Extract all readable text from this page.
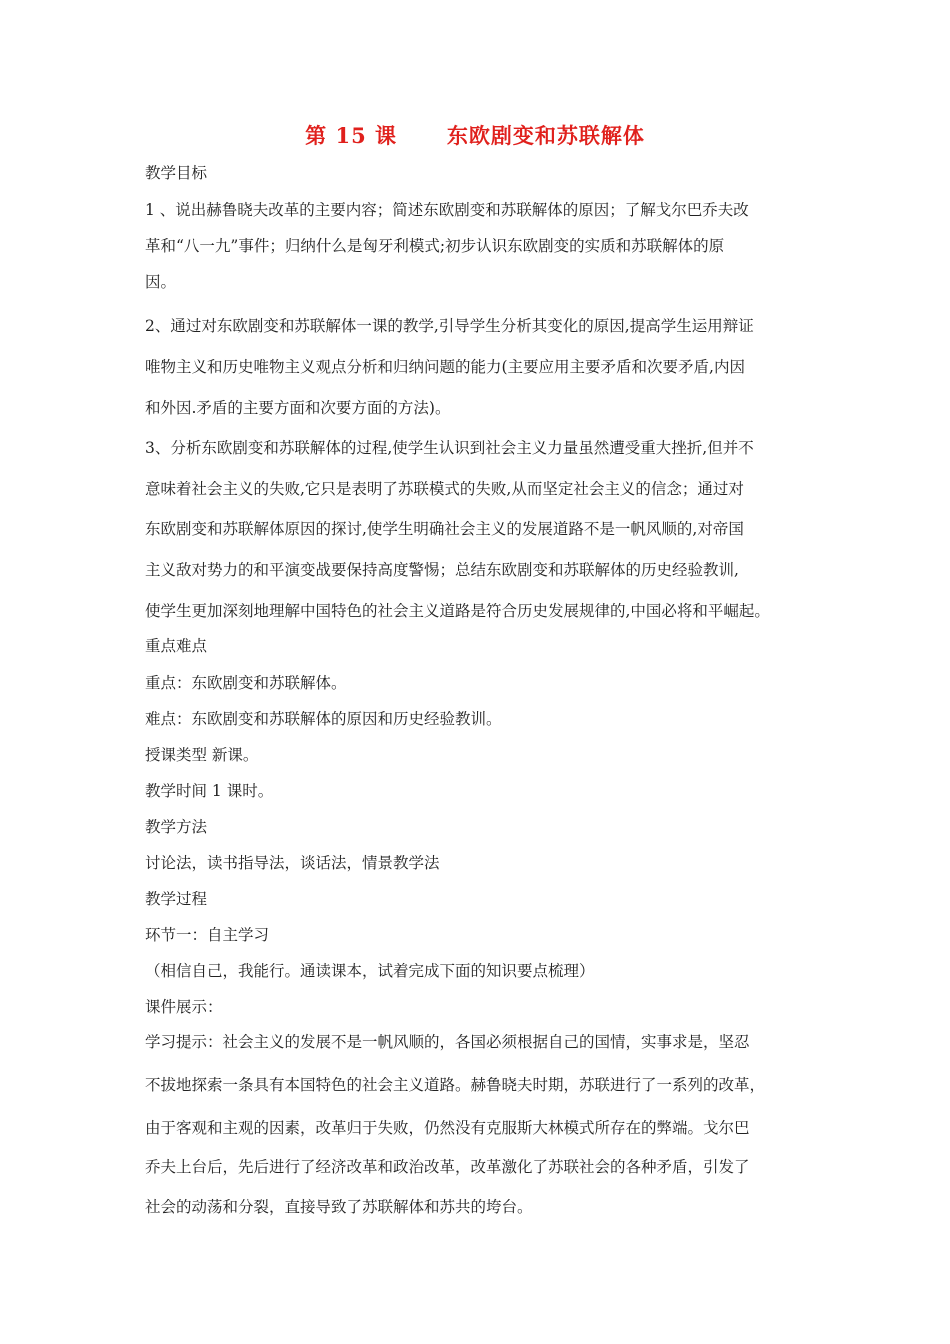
第 15 课      东欧剧变和苏联解体
教学目标
1 、说出赫鲁晓夫改革的主要内容；简述东欧剧变和苏联解体的原因；了解戈尔巴乔夫改
革和“八一九”事件；归纳什么是匈牙利模式;初步认识东欧剧变的实质和苏联解体的原
因。
2、通过对东欧剧变和苏联解体一课的教学,引导学生分析其变化的原因,提高学生运用辩证
唯物主义和历史唯物主义观点分析和归纳问题的能力(主要应用主要矛盾和次要矛盾,内因
和外因.矛盾的主要方面和次要方面的方法)。
3、分析东欧剧变和苏联解体的过程,使学生认识到社会主义力量虽然遭受重大挫折,但并不
意味着社会主义的失败,它只是表明了苏联模式的失败,从而坚定社会主义的信念；通过对
东欧剧变和苏联解体原因的探讨,使学生明确社会主义的发展道路不是一帆风顺的,对帝国
主义敌对势力的和平演变战要保持高度警惕；总结东欧剧变和苏联解体的历史经验教训,
使学生更加深刻地理解中国特色的社会主义道路是符合历史发展规律的,中国必将和平崛起。
重点难点
重点：东欧剧变和苏联解体。
难点：东欧剧变和苏联解体的原因和历史经验教训。
授课类型 新课。
教学时间 1 课时。
教学方法
讨论法，读书指导法，谈话法，情景教学法
教学过程
环节一：自主学习
（相信自己，我能行。通读课本，试着完成下面的知识要点梳理）
课件展示：
学习提示：社会主义的发展不是一帆风顺的，各国必须根据自己的国情，实事求是，坚忍
不拔地探索一条具有本国特色的社会主义道路。赫鲁晓夫时期，苏联进行了一系列的改革，
由于客观和主观的因素，改革归于失败，仍然没有克服斯大林模式所存在的弊端。戈尔巴
乔夫上台后，先后进行了经济改革和政治改革，改革激化了苏联社会的各种矛盾，引发了
社会的动荡和分裂，直接导致了苏联解体和苏共的垮台。
